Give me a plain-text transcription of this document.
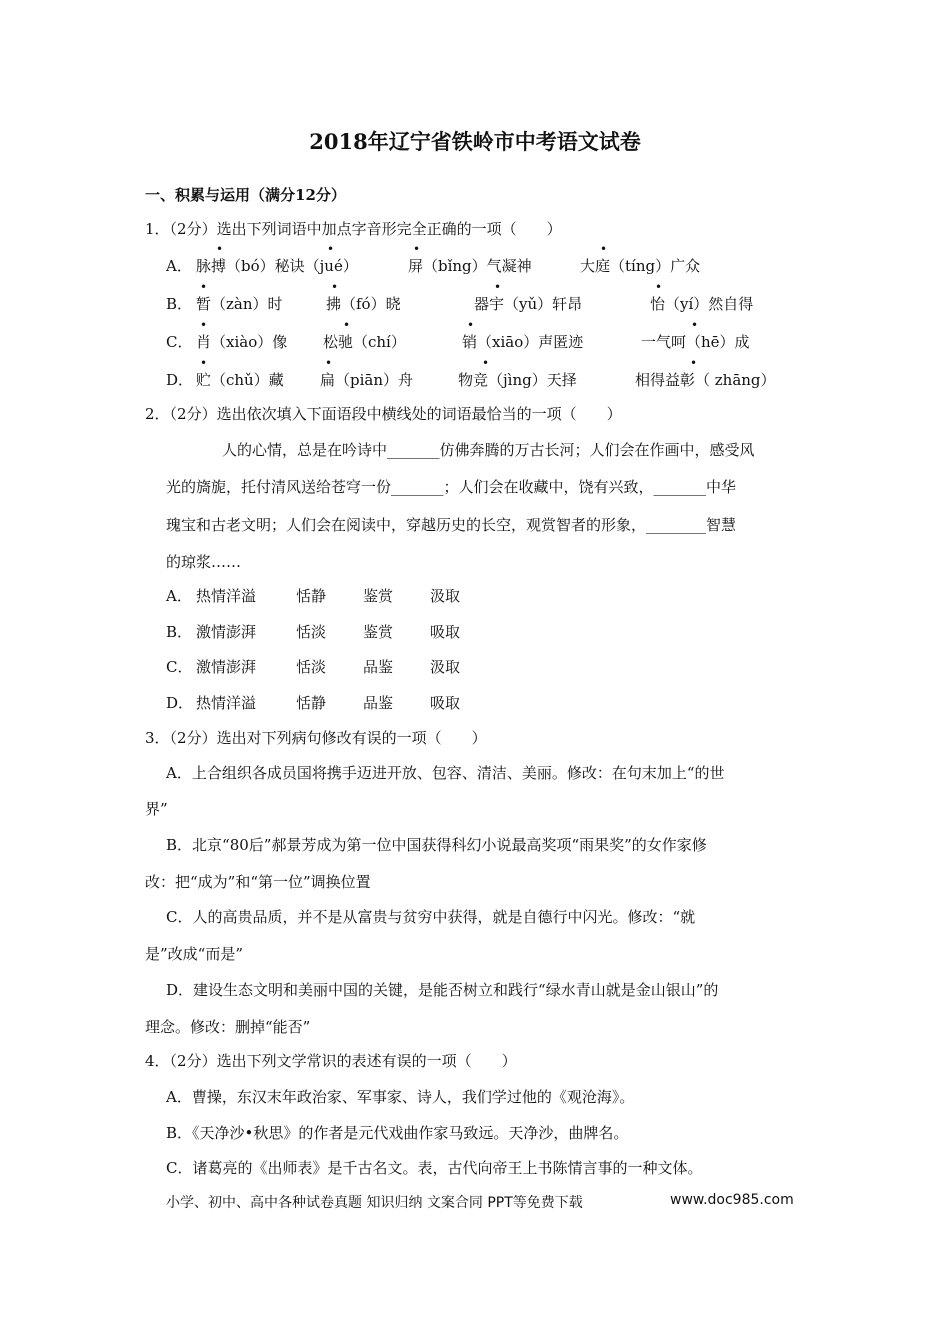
2018年辽宁省铁岭市中考语文试卷
一、积累与运用（满分12分）
1．（2分）选出下列词语中加点字音形完全正确的一项（　　）
A． 脉搏（bó）秘诀（jué）	屏（bǐng）气凝神	大庭（tíng）广众
•	•	•	•
B． 暂（zàn）时	拂（fó）晓	器宇（yǔ）轩昂	怡（yí）然自得
•	•	•	•
C． 肖（xiào）像 松驰（chí）	销（xiāo）声匿迹	一气呵（hē）成
•	•	•	•
D． 贮（chǔ）藏 扁（piān）舟	物竞（jìng）天择	相得益彰（ zhāng）
•	•	•	•
2．（2分）选出依次填入下面语段中横线处的词语最恰当的一项（　　）
人的心情，总是在吟诗中_______仿佛奔腾的万古长河；人们会在作画中，感受风
光的旖旎，托付清风送给苍穹一份_______；人们会在收藏中，饶有兴致，_______中华
瑰宝和古老文明；人们会在阅读中，穿越历史的长空，观赏智者的形象，________智慧
的琼浆……
A． 热情洋溢	恬静 鉴赏 汲取
B． 激情澎湃	恬淡 鉴赏 吸取
C． 激情澎湃	恬淡 品鉴 汲取
D． 热情洋溢	恬静 品鉴 吸取
3．（2分）选出对下列病句修改有误的一项（　　）
A．上合组织各成员国将携手迈进开放、包容、清洁、美丽。修改：在句末加上“的世
界”
B．北京“80后”郝景芳成为第一位中国获得科幻小说最高奖项“雨果奖”的女作家修
改：把“成为”和“第一位”调换位置
C．人的高贵品质，并不是从富贵与贫穷中获得，就是自德行中闪光。修改：“就
是”改成“而是”
D．建设生态文明和美丽中国的关键，是能否树立和践行“绿水青山就是金山银山”的
理念。修改：删掉“能否”
4．（2分）选出下列文学常识的表述有误的一项（　　）
A．曹操，东汉末年政治家、军事家、诗人，我们学过他的《观沧海》。
B．《天净沙•秋思》的作者是元代戏曲作家马致远。天净沙，曲牌名。
C．诸葛亮的《出师表》是千古名文。表，古代向帝王上书陈情言事的一种文体。
小学、初中、高中各种试卷真题 知识归纳 文案合同 PPT等免费下载	www.doc985.com
